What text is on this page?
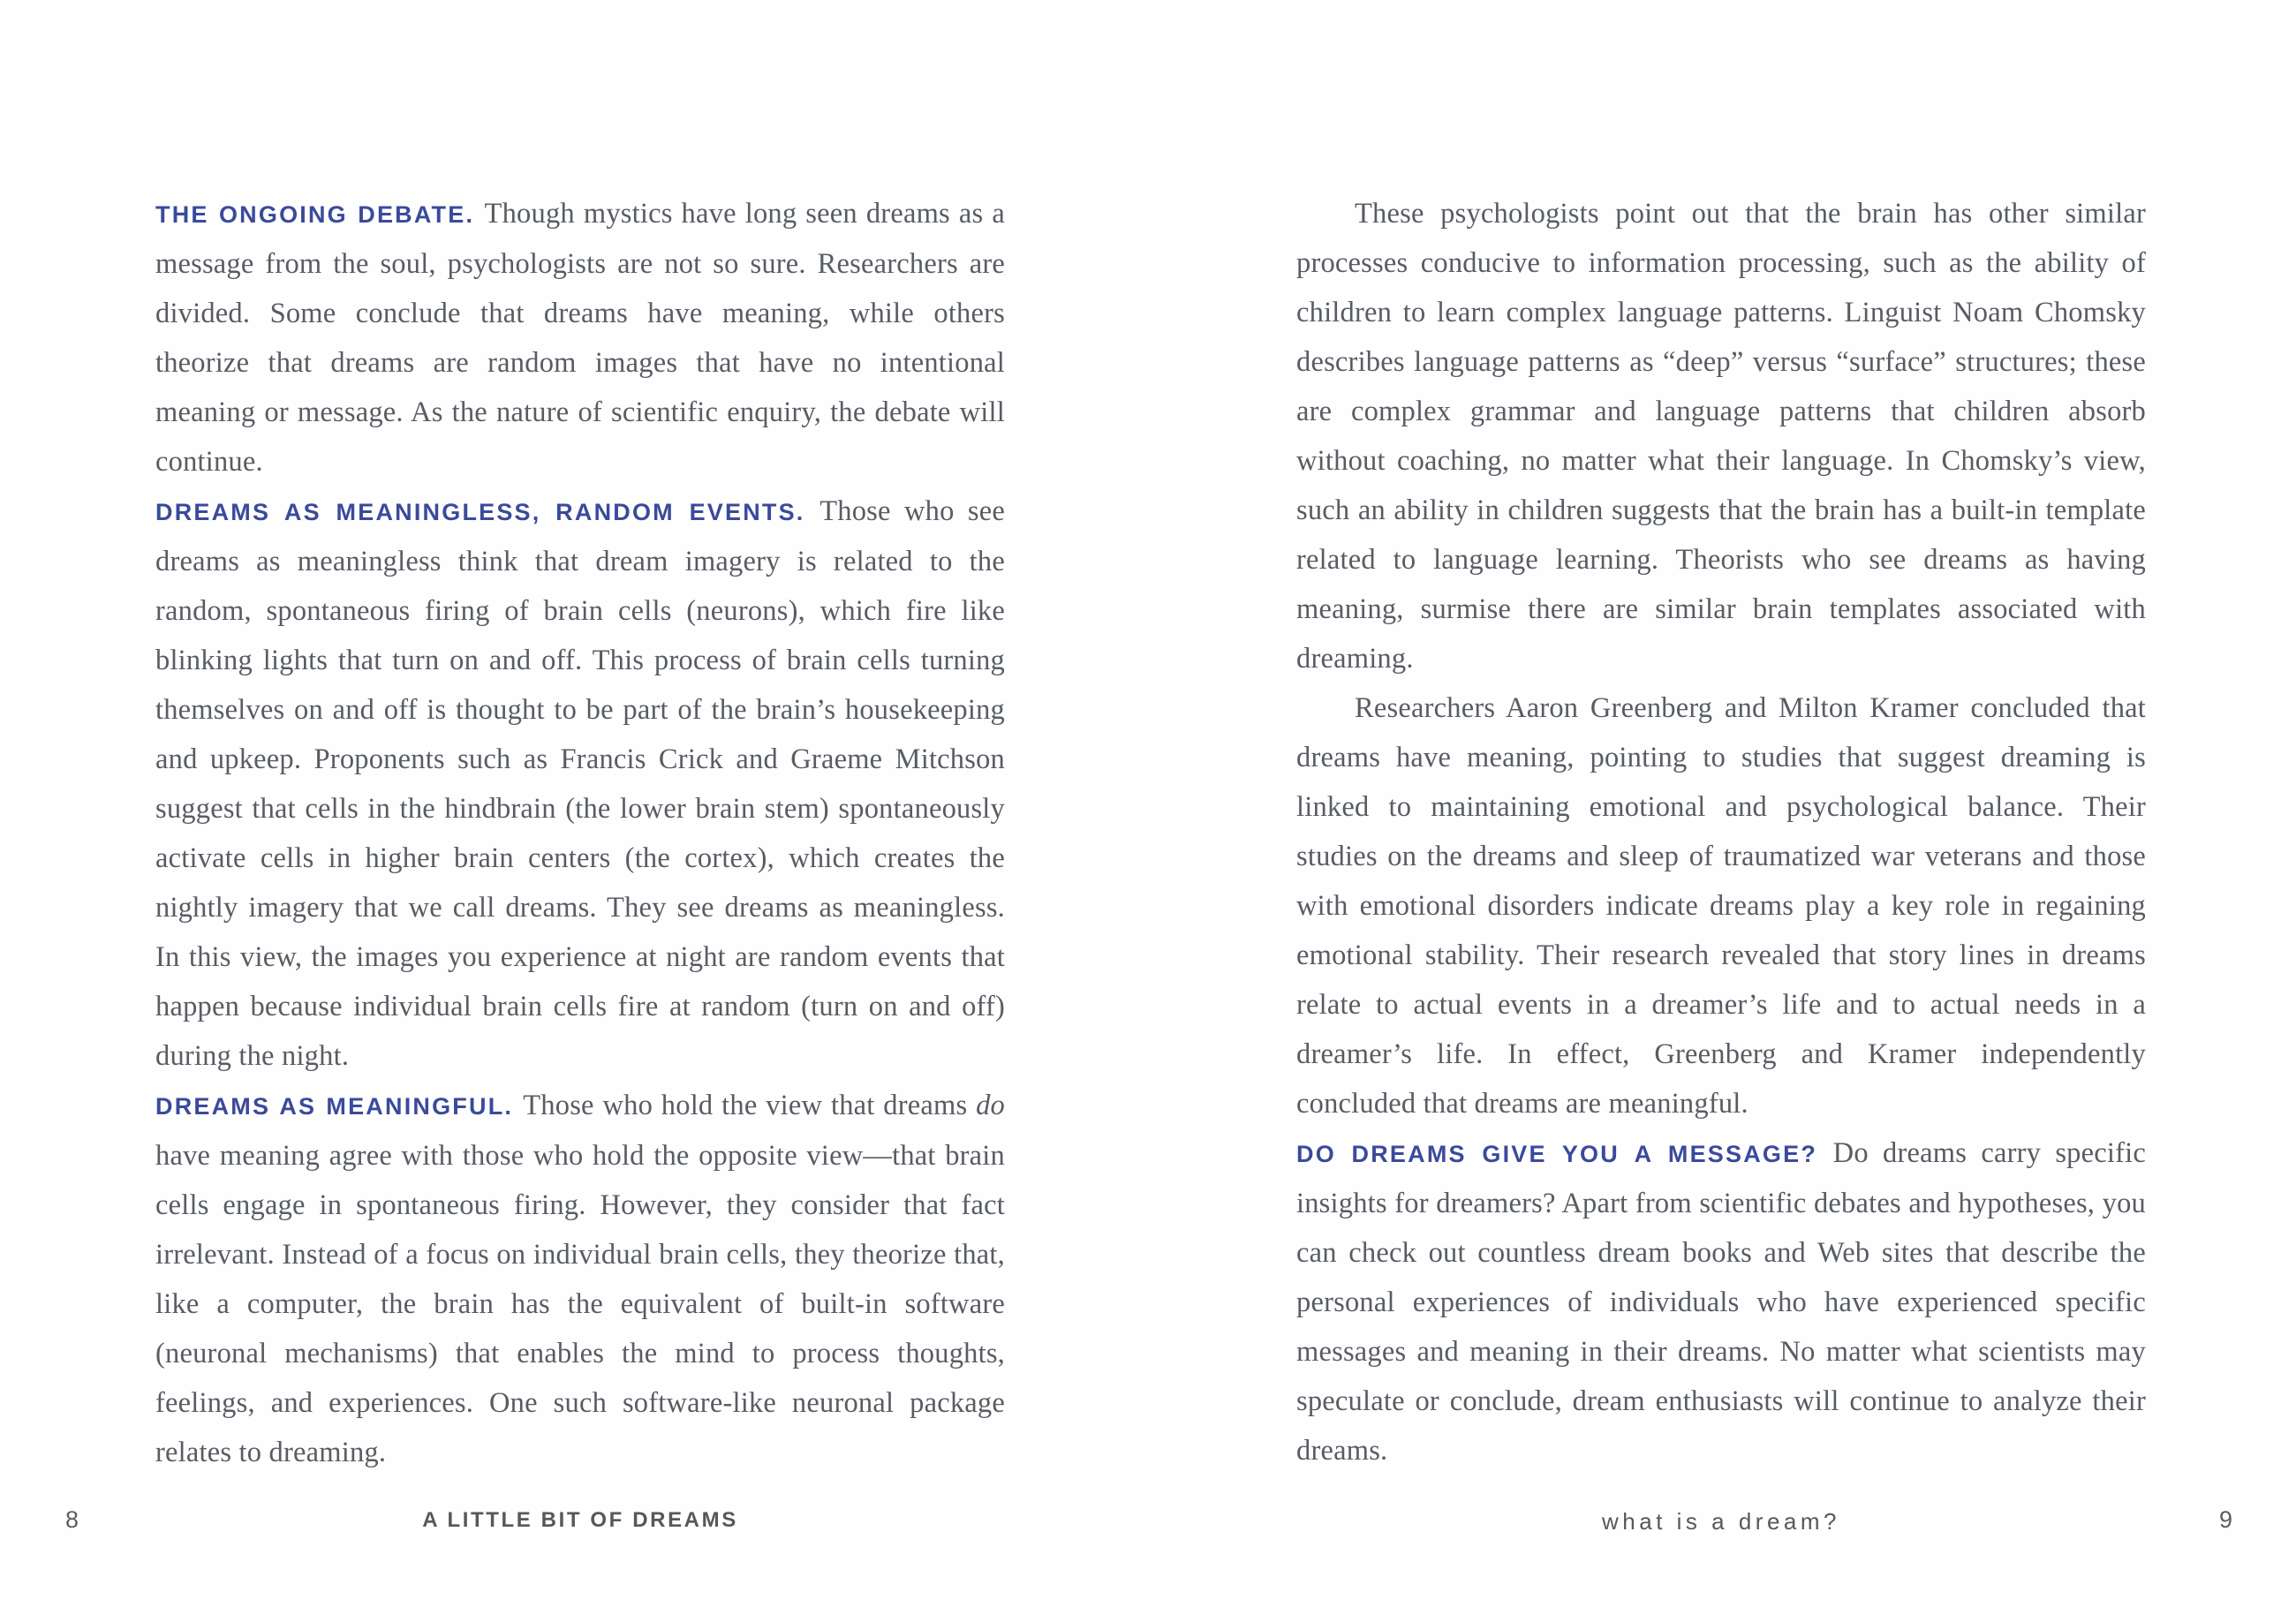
THE ONGOING DEBATE. Though mystics have long seen dreams as a message from the soul, psychologists are not so sure. Researchers are divided. Some conclude that dreams have meaning, while others theorize that dreams are random images that have no intentional meaning or message. As the nature of scientific enquiry, the debate will continue.

DREAMS AS MEANINGLESS, RANDOM EVENTS. Those who see dreams as meaningless think that dream imagery is related to the random, spontaneous firing of brain cells (neurons), which fire like blinking lights that turn on and off. This process of brain cells turning themselves on and off is thought to be part of the brain’s housekeeping and upkeep. Proponents such as Francis Crick and Graeme Mitchson suggest that cells in the hindbrain (the lower brain stem) spontaneously activate cells in higher brain centers (the cortex), which creates the nightly imagery that we call dreams. They see dreams as meaningless. In this view, the images you experience at night are random events that happen because individual brain cells fire at random (turn on and off) during the night.

DREAMS AS MEANINGFUL. Those who hold the view that dreams do have meaning agree with those who hold the opposite view—that brain cells engage in spontaneous firing. However, they consider that fact irrelevant. Instead of a focus on individual brain cells, they theorize that, like a computer, the brain has the equivalent of built-in software (neuronal mechanisms) that enables the mind to process thoughts, feelings, and experiences. One such software-like neuronal package relates to dreaming.

These psychologists point out that the brain has other similar processes conducive to information processing, such as the ability of children to learn complex language patterns. Linguist Noam Chomsky describes language patterns as “deep” versus “surface” structures; these are complex grammar and language patterns that children absorb without coaching, no matter what their language. In Chomsky’s view, such an ability in children suggests that the brain has a built-in template related to language learning. Theorists who see dreams as having meaning, surmise there are similar brain templates associated with dreaming.

Researchers Aaron Greenberg and Milton Kramer concluded that dreams have meaning, pointing to studies that suggest dreaming is linked to maintaining emotional and psychological balance. Their studies on the dreams and sleep of traumatized war veterans and those with emotional disorders indicate dreams play a key role in regaining emotional stability. Their research revealed that story lines in dreams relate to actual events in a dreamer’s life and to actual needs in a dreamer’s life. In effect, Greenberg and Kramer independently concluded that dreams are meaningful.

DO DREAMS GIVE YOU A MESSAGE? Do dreams carry specific insights for dreamers? Apart from scientific debates and hypotheses, you can check out countless dream books and Web sites that describe the personal experiences of individuals who have experienced specific messages and meaning in their dreams. No matter what scientists may speculate or conclude, dream enthusiasts will continue to analyze their dreams.

8	A LITTLE BIT OF DREAMS	what is a dream?	9
